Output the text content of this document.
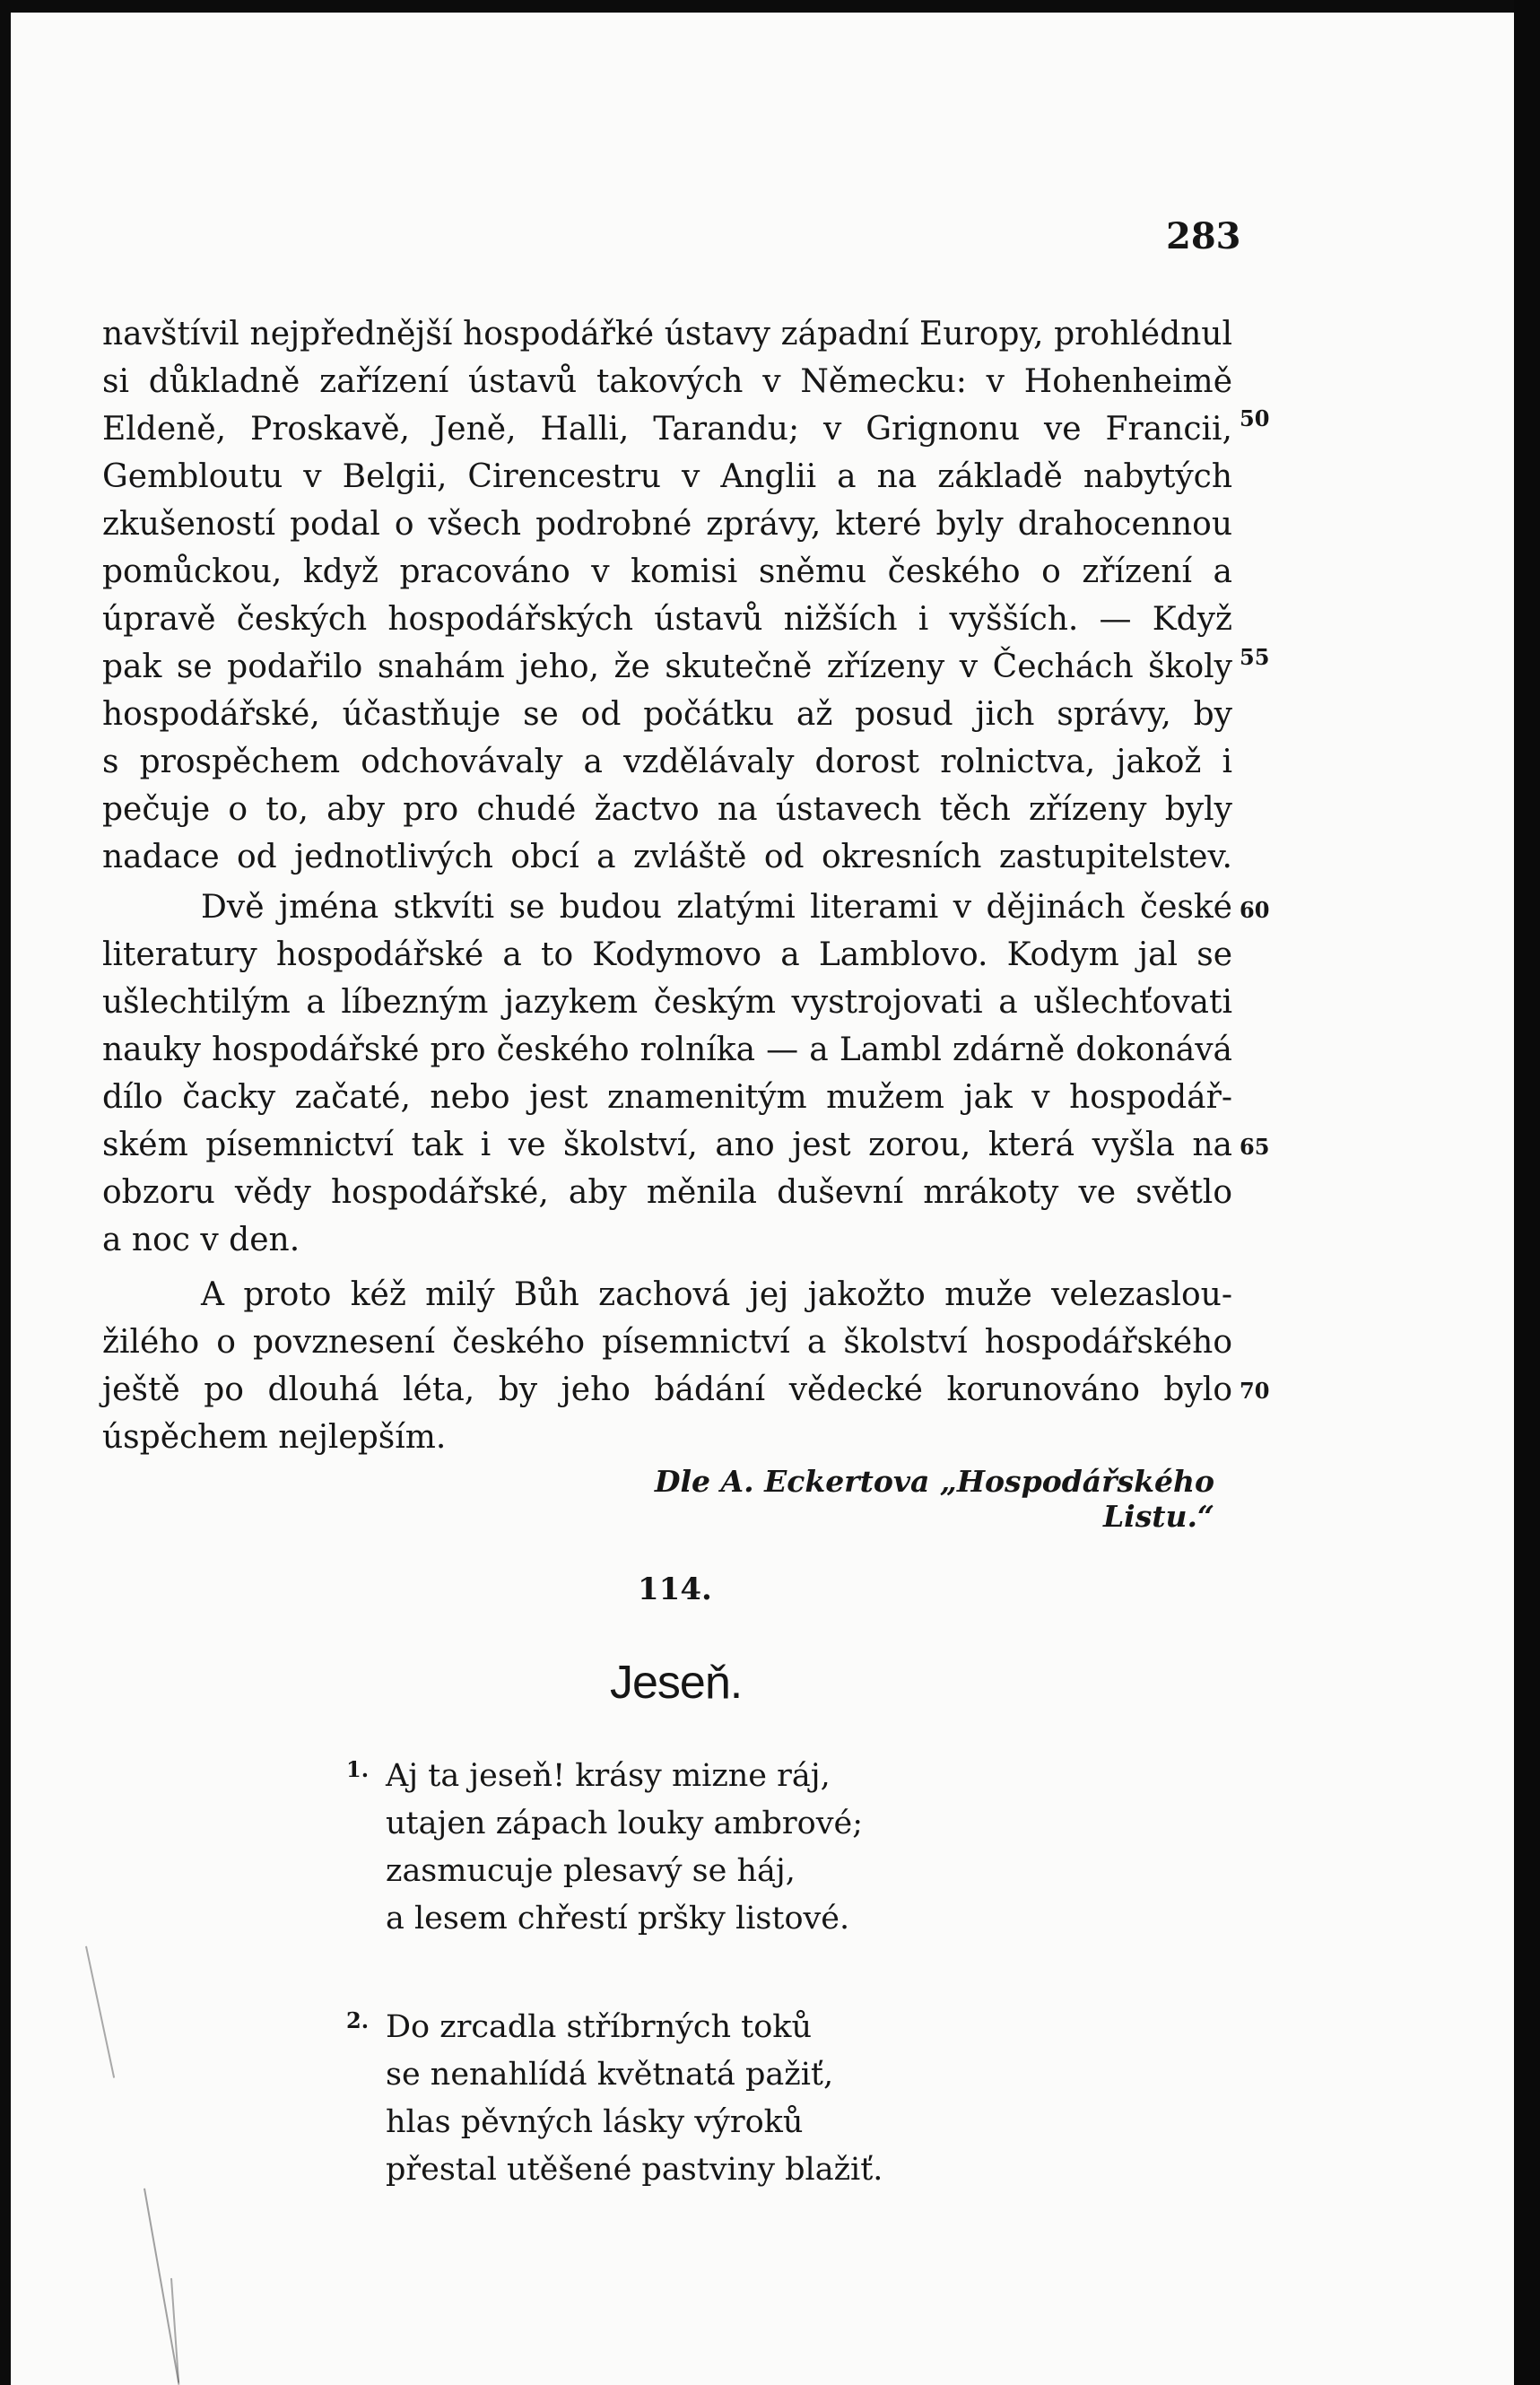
283

navštívil nejpřednější hospodářké ústavy západní Europy, prohlédnul
si důkladně zařízení ústavů takových v Německu: v Hohenheimě
Eldeně, Proskavě, Jeně, Halli, Tarandu; v Grignonu ve Francii,
Gembloutu v Belgii, Cirencestru v Anglii a na základě nabytých
zkušeností podal o všech podrobné zprávy, které byly drahocennou
pomůckou, když pracováno v komisi sněmu českého o zřízení a
úpravě českých hospodářských ústavů nižších i vyšších. — Když
pak se podařilo snahám jeho, že skutečně zřízeny v Čechách školy
hospodářské, účastňuje se od počátku až posud jich správy, by
s prospěchem odchovávaly a vzdělávaly dorost rolnictva, jakož i
pečuje o to, aby pro chudé žactvo na ústavech těch zřízeny byly
nadace od jednotlivých obcí a zvláště od okresních zastupitelstev.
Dvě jména stkvíti se budou zlatými literami v dějinách české
literatury hospodářské a to Kodymovo a Lamblovo. Kodym jal se
ušlechtilým a líbezným jazykem českým vystrojovati a ušlechťovati
nauky hospodářské pro českého rolníka — a Lambl zdárně dokonává
dílo čacky začaté, nebo jest znamenitým mužem jak v hospodář-
ském písemnictví tak i ve školství, ano jest zorou, která vyšla na
obzoru vědy hospodářské, aby měnila duševní mrákoty ve světlo
a noc v den.
A proto kéž milý Bůh zachová jej jakožto muže velezaslou-
žilého o povznesení českého písemnictví a školství hospodářského
ještě po dlouhá léta, by jeho bádání vědecké korunováno bylo
úspěchem nejlepším.

50

55

60

65

70

Dle A. Eckertova „Hospodářského Listu.“

114.

Jeseň.
1. Aj ta jeseň! krásy mizne ráj,
utajen zápach louky ambrové;
zasmucuje plesavý se háj,
a lesem chřestí pršky listové.
2. Do zrcadla stříbrných toků
se nenahlídá květnatá pažiť,
hlas pěvných lásky výroků
přestal utěšené pastviny blažiť.
